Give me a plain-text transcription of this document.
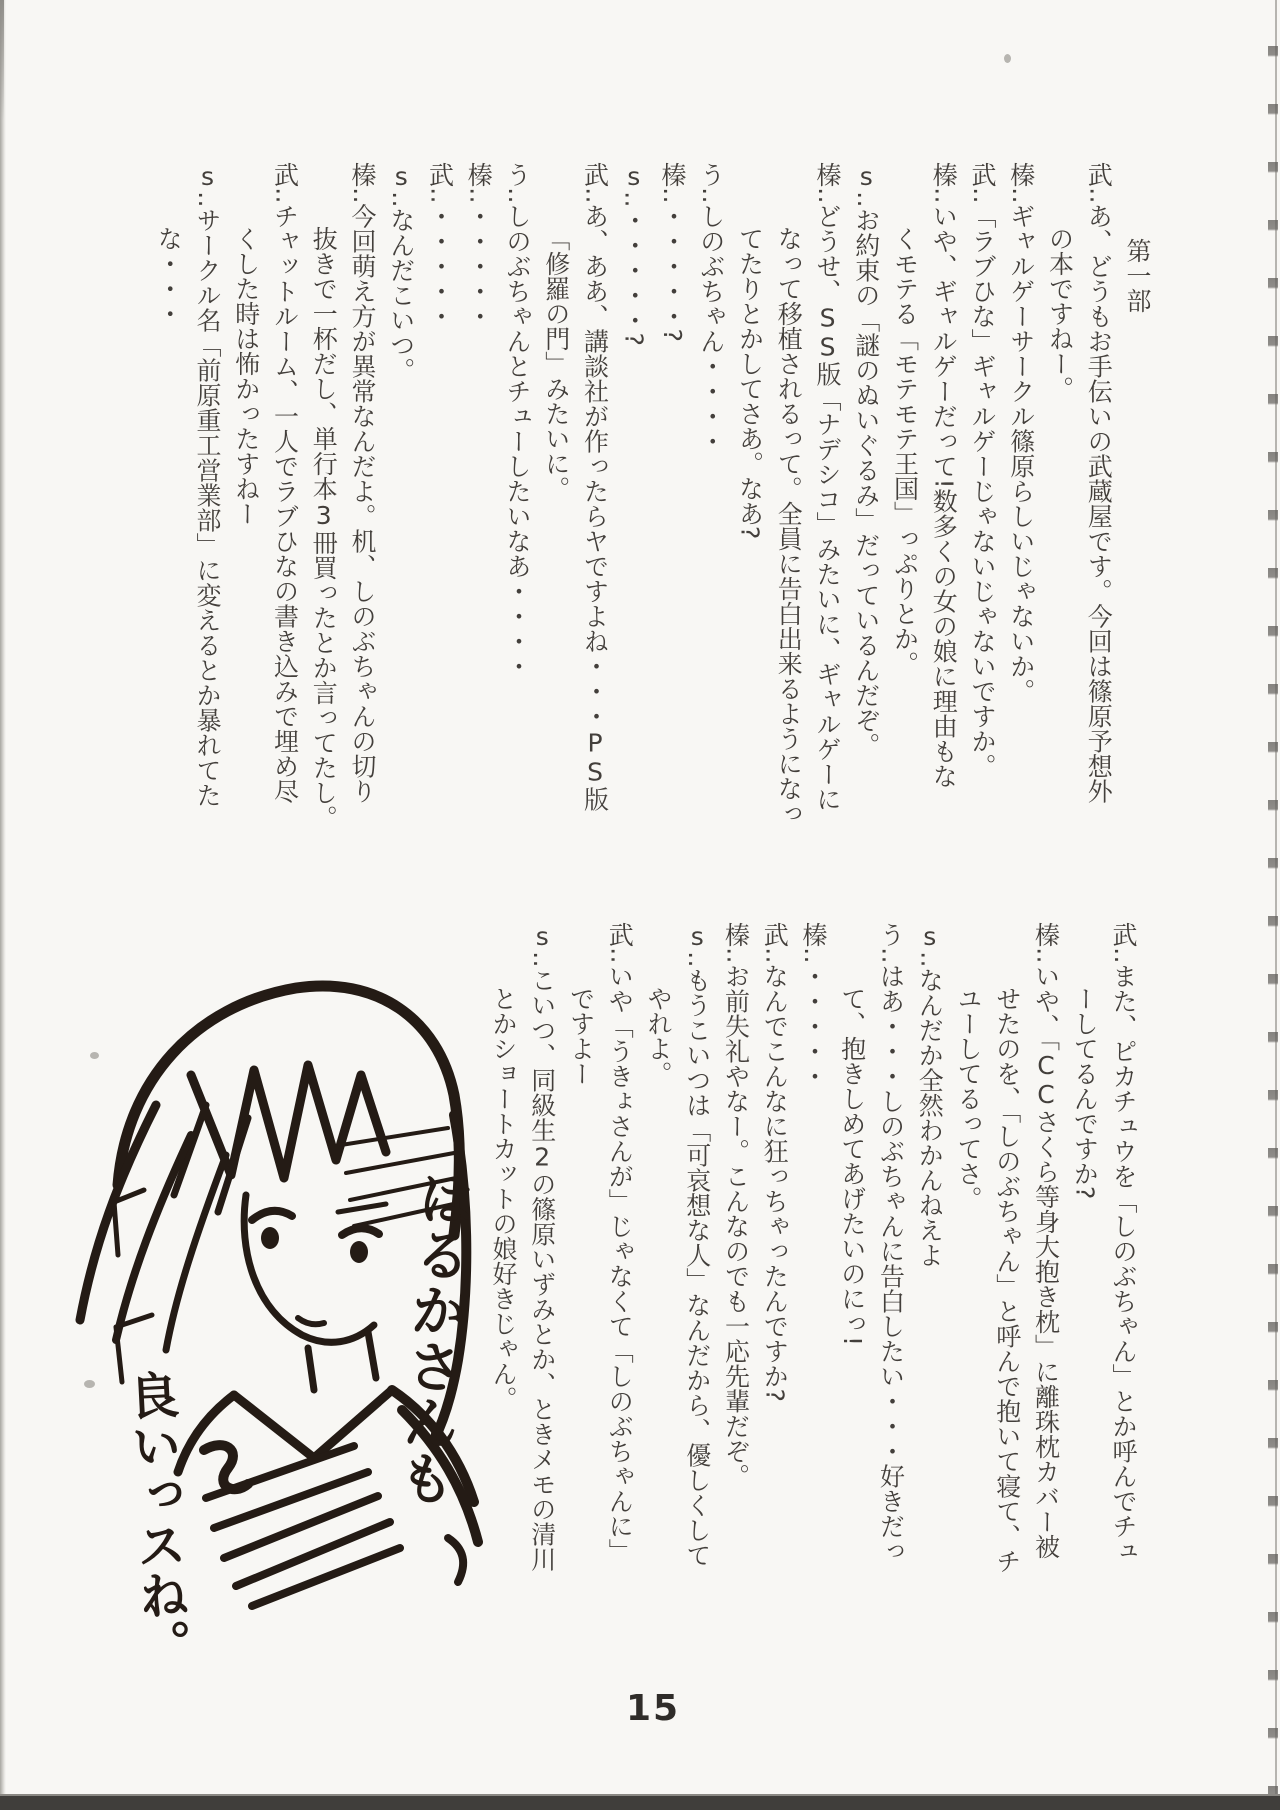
第一部

武‥あ、どうもお手伝いの武蔵屋です。今回は篠原予想外

の本ですねー。

榛‥ギャルゲーサークル篠原らしいじゃないか。

武‥「ラブひな」ギャルゲーじゃないじゃないですか。

榛‥いや、ギャルゲーだって!数多くの女の娘に理由もな

くモテる「モテモテ王国」っぷりとか。

s‥お約束の「謎のぬいぐるみ」だっているんだぞ。

榛‥どうせ、SS版「ナデシコ」みたいに、ギャルゲーに

なって移植されるって。全員に告白出来るようになっ

てたりとかしてさあ。なあ?

う‥しのぶちゃん・・・・

榛‥・・・・・?

s‥・・・・・?

武‥あ、ああ、講談社が作ったらヤですよね・・・PS版

「修羅の門」みたいに。

う‥しのぶちゃんとチューしたいなあ・・・・

榛‥・・・・・

武‥・・・・・

s‥なんだこいつ。

榛‥今回萌え方が異常なんだよ。机、しのぶちゃんの切り

抜きで一杯だし、単行本3冊買ったとか言ってたし。

武‥チャットルーム、一人でラブひなの書き込みで埋め尽

くした時は怖かったすねー

s‥サークル名「前原重工営業部」に変えるとか暴れてた

な・・・

武‥また、ピカチュウを「しのぶちゃん」とか呼んでチュ

ーしてるんですか?

榛‥いや、「CCさくら等身大抱き枕」に離珠枕カバー被

せたのを、「しのぶちゃん」と呼んで抱いて寝て、チ

ユーしてるってさ。

s‥なんだか全然わかんねえよ

う‥はあ・・・しのぶちゃんに告白したい・・・好きだっ

て、抱きしめてあげたいのにっ!

榛‥・・・・・

武‥なんでこんなに狂っちゃったんですか?

榛‥お前失礼やなー。こんなのでも一応先輩だぞ。

s‥もうこいつは「可哀想な人」なんだから、優しくして

やれよ。

武‥いや「うきょさんが」じゃなくて「しのぶちゃんに」

ですよー

s‥こいつ、同級生2の篠原いずみとか、ときメモの清川

とかショートカットの娘好きじゃん。

はるかさんも
良いっスね。
15
